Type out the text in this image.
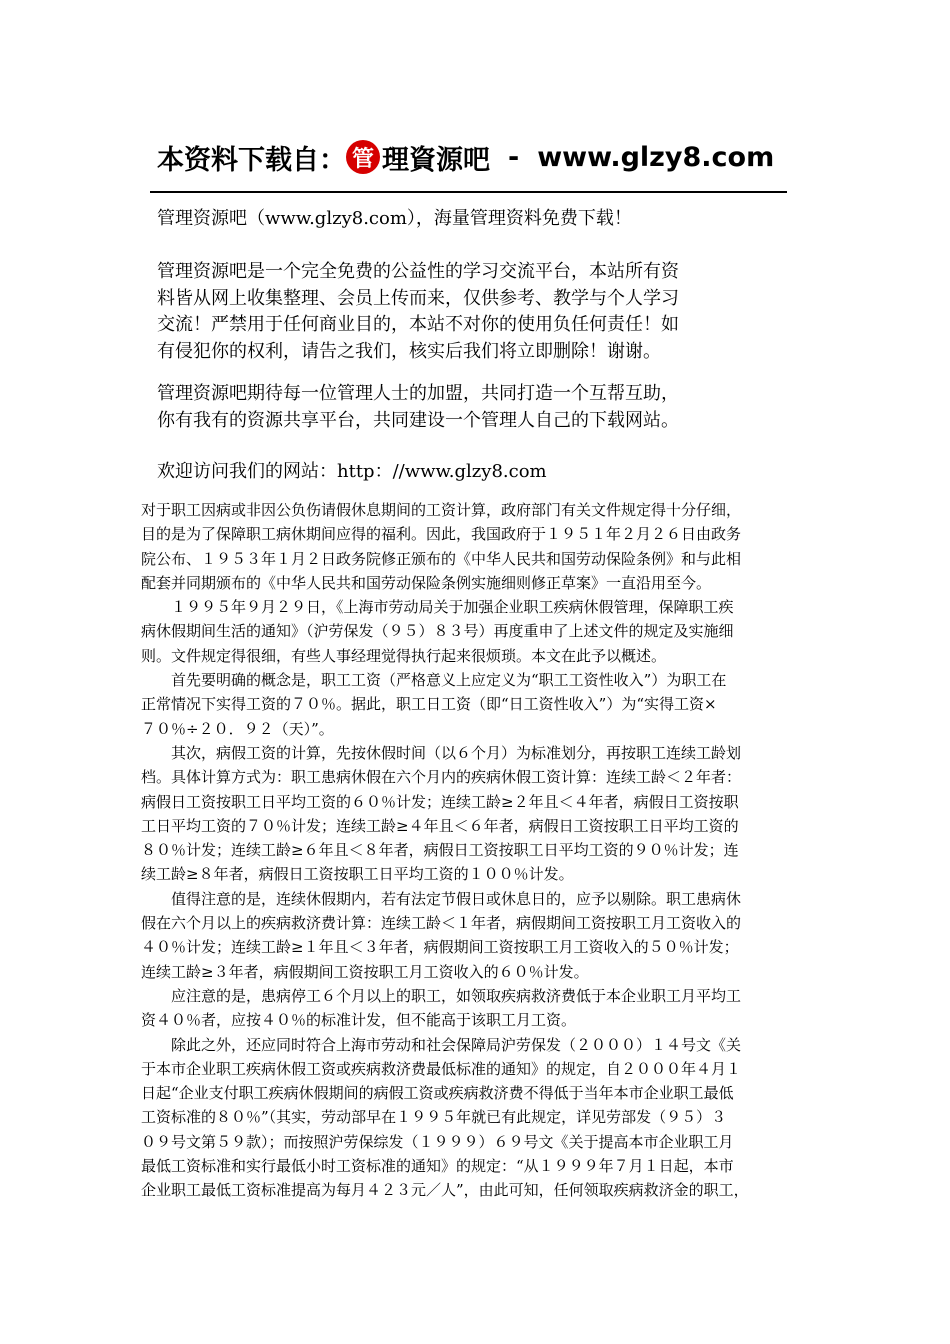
本资料下载自： 管 理資源吧 - www.glzy8.com
管理资源吧（www.glzy8.com），海量管理资料免费下载！
管理资源吧是一个完全免费的公益性的学习交流平台，本站所有资
料皆从网上收集整理、会员上传而来，仅供参考、教学与个人学习
交流！严禁用于任何商业目的，本站不对你的使用负任何责任！如
有侵犯你的权利，请告之我们，核实后我们将立即删除！谢谢。
管理资源吧期待每一位管理人士的加盟，共同打造一个互帮互助，
你有我有的资源共享平台，共同建设一个管理人自己的下载网站。
欢迎访问我们的网站：http：//www.glzy8.com
对于职工因病或非因公负伤请假休息期间的工资计算，政府部门有关文件规定得十分仔细，
目的是为了保障职工病休期间应得的福利。因此，我国政府于１９５１年２月２６日由政务
院公布、１９５３年１月２日政务院修正颁布的《中华人民共和国劳动保险条例》和与此相
配套并同期颁布的《中华人民共和国劳动保险条例实施细则修正草案》一直沿用至今。
　　１９９５年９月２９日，《上海市劳动局关于加强企业职工疾病休假管理，保障职工疾
病休假期间生活的通知》（沪劳保发（９５）８３号）再度重申了上述文件的规定及实施细
则。文件规定得很细，有些人事经理觉得执行起来很烦琐。本文在此予以概述。
　　首先要明确的概念是，职工工资（严格意义上应定义为“职工工资性收入”）为职工在
正常情况下实得工资的７０％。据此，职工日工资（即“日工资性收入”）为“实得工资×
７０％÷２０．９２（天）”。
　　其次，病假工资的计算，先按休假时间（以６个月）为标准划分，再按职工连续工龄划
档。具体计算方式为：职工患病休假在六个月内的疾病休假工资计算：连续工龄＜２年者：
病假日工资按职工日平均工资的６０％计发；连续工龄≥２年且＜４年者，病假日工资按职
工日平均工资的７０％计发；连续工龄≥４年且＜６年者，病假日工资按职工日平均工资的
８０％计发；连续工龄≥６年且＜８年者，病假日工资按职工日平均工资的９０％计发；连
续工龄≥８年者，病假日工资按职工日平均工资的１００％计发。
　　值得注意的是，连续休假期内，若有法定节假日或休息日的，应予以剔除。职工患病休
假在六个月以上的疾病救济费计算：连续工龄＜１年者，病假期间工资按职工月工资收入的
４０％计发；连续工龄≥１年且＜３年者，病假期间工资按职工月工资收入的５０％计发；
连续工龄≥３年者，病假期间工资按职工月工资收入的６０％计发。
　　应注意的是，患病停工６个月以上的职工，如领取疾病救济费低于本企业职工月平均工
资４０％者，应按４０％的标准计发，但不能高于该职工月工资。
　　除此之外，还应同时符合上海市劳动和社会保障局沪劳保发（２０００）１４号文《关
于本市企业职工疾病休假工资或疾病救济费最低标准的通知》的规定，自２０００年４月１
日起“企业支付职工疾病休假期间的病假工资或疾病救济费不得低于当年本市企业职工最低
工资标准的８０％”（其实，劳动部早在１９９５年就已有此规定，详见劳部发（９５）３
０９号文第５９款）；而按照沪劳保综发（１９９９）６９号文《关于提高本市企业职工月
最低工资标准和实行最低小时工资标准的通知》的规定：“从１９９９年７月１日起，本市
企业职工最低工资标准提高为每月４２３元／人”，由此可知，任何领取疾病救济金的职工，
